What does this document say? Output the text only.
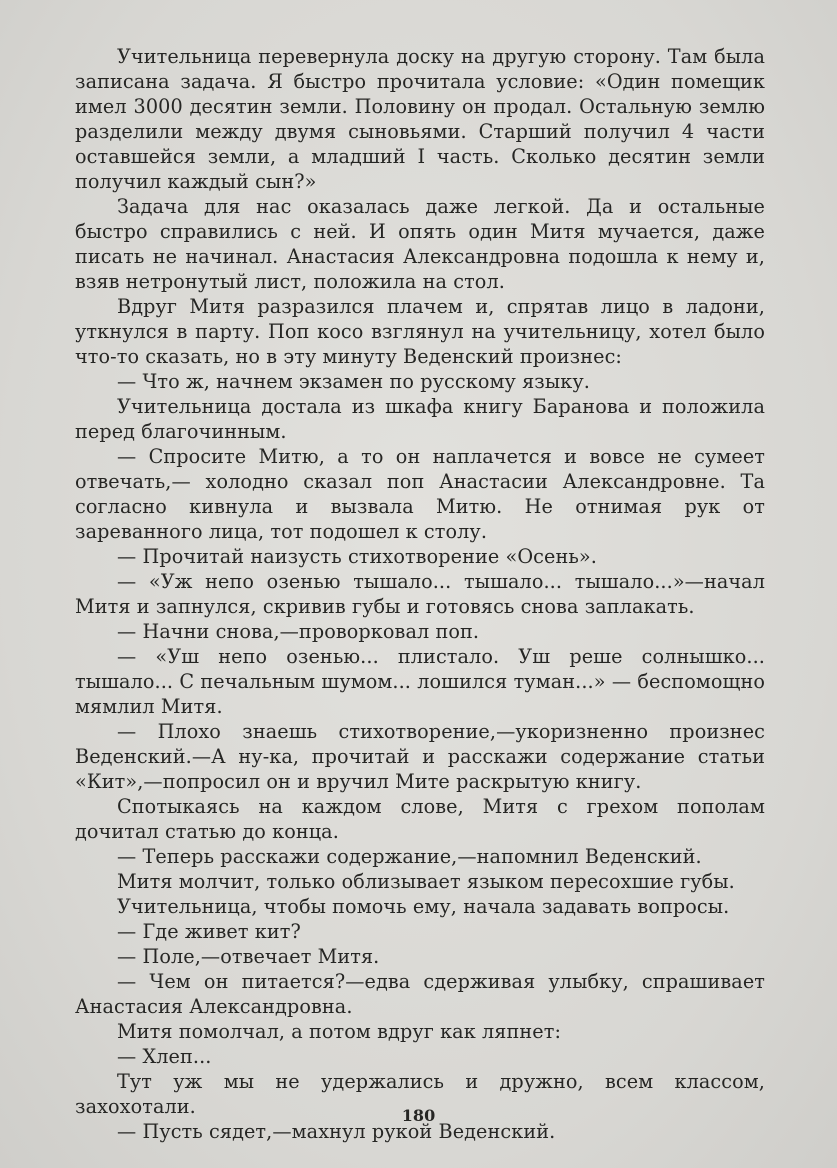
Учительница перевернула доску на другую сторону. Там была записана задача. Я быстро прочитала условие: «Один помещик имел 3000 десятин земли. Половину он продал. Остальную землю разделили между двумя сыновьями. Старший получил 4 части оставшейся земли, а младший I часть. Сколько десятин земли получил каждый сын?»

Задача для нас оказалась даже легкой. Да и остальные быстро справились с ней. И опять один Митя мучается, даже писать не начинал. Анастасия Александровна подошла к нему и, взяв нетронутый лист, положила на стол.

Вдруг Митя разразился плачем и, спрятав лицо в ладони, уткнулся в парту. Поп косо взглянул на учительницу, хотел было что-то сказать, но в эту минуту Веденский произнес:

— Что ж, начнем экзамен по русскому языку.

Учительница достала из шкафа книгу Баранова и положила перед благочинным.

— Спросите Митю, а то он наплачется и вовсе не сумеет отвечать,— холодно сказал поп Анастасии Александровне. Та согласно кивнула и вызвала Митю. Не отнимая рук от зареванного лица, тот подошел к столу.

— Прочитай наизусть стихотворение «Осень».

— «Уж непо озенью тышало... тышало... тышало...»—начал Митя и запнулся, скривив губы и готовясь снова заплакать.

— Начни снова,—проворковал поп.

— «Уш непо озенью... плистало. Уш реше солнышко... тышало... С печальным шумом... лошился туман...» — беспомощно мямлил Митя.

— Плохо знаешь стихотворение,—укоризненно произнес Веденский.—А ну-ка, прочитай и расскажи содержание статьи «Кит»,—попросил он и вручил Мите раскрытую книгу.

Спотыкаясь на каждом слове, Митя с грехом пополам дочитал статью до конца.

— Теперь расскажи содержание,—напомнил Веденский.

Митя молчит, только облизывает языком пересохшие губы.

Учительница, чтобы помочь ему, начала задавать вопросы.

— Где живет кит?

— Поле,—отвечает Митя.

— Чем он питается?—едва сдерживая улыбку, спрашивает Анастасия Александровна.

Митя помолчал, а потом вдруг как ляпнет:

— Хлеп...

Тут уж мы не удержались и дружно, всем классом, захохотали.

— Пусть сядет,—махнул рукой Веденский.

180
